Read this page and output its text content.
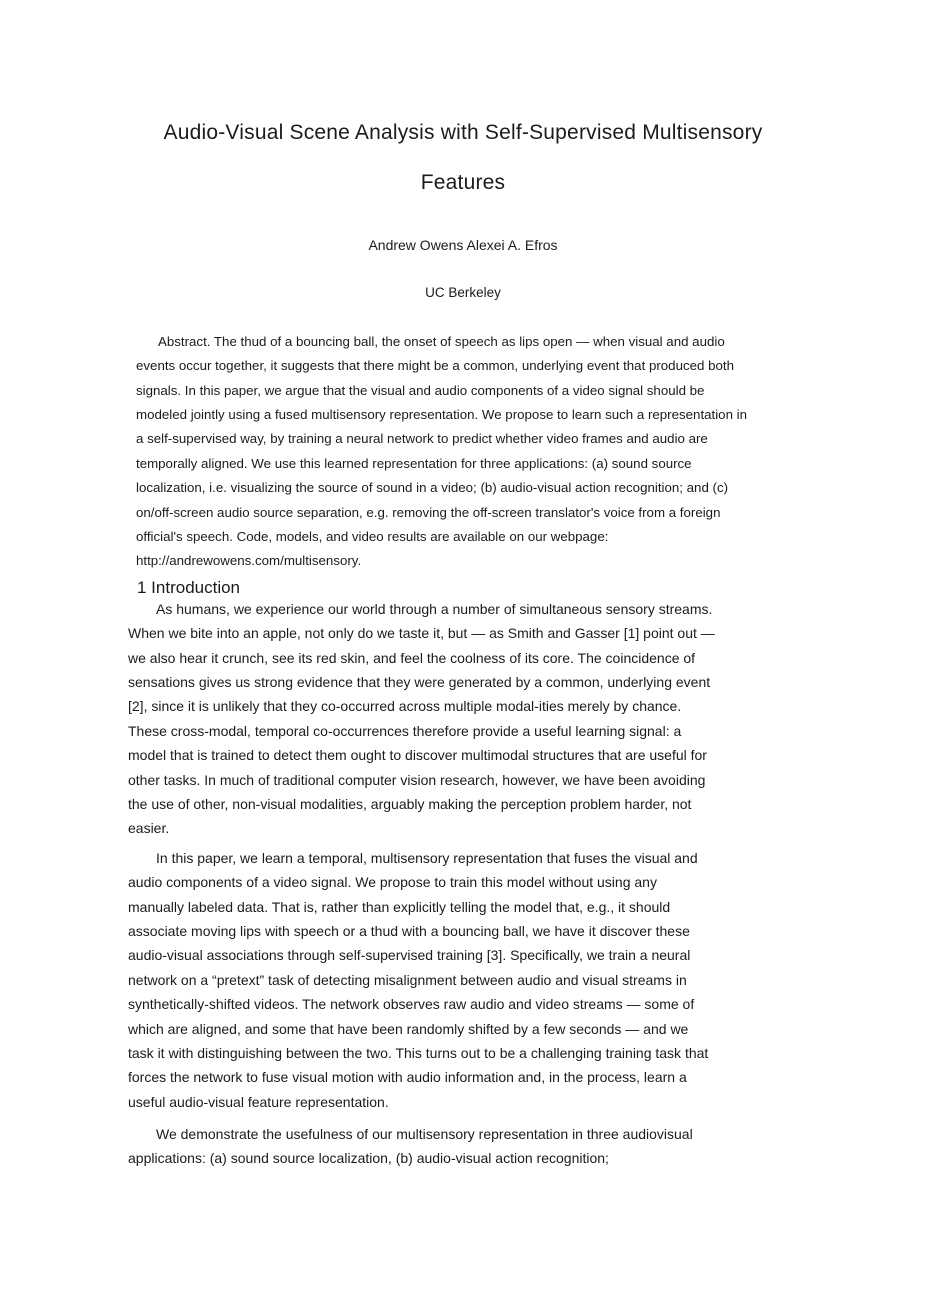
Audio-Visual Scene Analysis with Self-Supervised Multisensory
Features
Andrew Owens Alexei A. Efros
UC Berkeley
Abstract. The thud of a bouncing ball, the onset of speech as lips open — when visual and audio
events occur together, it suggests that there might be a common, underlying event that produced both
signals. In this paper, we argue that the visual and audio components of a video signal should be
modeled jointly using a fused multisensory representation. We propose to learn such a representation in
a self-supervised way, by training a neural network to predict whether video frames and audio are
temporally aligned. We use this learned representation for three applications: (a) sound source
localization, i.e. visualizing the source of sound in a video; (b) audio-visual action recognition; and (c)
on/off-screen audio source separation, e.g. removing the off-screen translator's voice from a foreign
official's speech. Code, models, and video results are available on our webpage:
http://andrewowens.com/multisensory.
1 Introduction
As humans, we experience our world through a number of simultaneous sensory streams.
When we bite into an apple, not only do we taste it, but — as Smith and Gasser [1] point out —
we also hear it crunch, see its red skin, and feel the coolness of its core. The coincidence of
sensations gives us strong evidence that they were generated by a common, underlying event
[2], since it is unlikely that they co-occurred across multiple modal-ities merely by chance.
These cross-modal, temporal co-occurrences therefore provide a useful learning signal: a
model that is trained to detect them ought to discover multimodal structures that are useful for
other tasks. In much of traditional computer vision research, however, we have been avoiding
the use of other, non-visual modalities, arguably making the perception problem harder, not
easier.
In this paper, we learn a temporal, multisensory representation that fuses the visual and
audio components of a video signal. We propose to train this model without using any
manually labeled data. That is, rather than explicitly telling the model that, e.g., it should
associate moving lips with speech or a thud with a bouncing ball, we have it discover these
audio-visual associations through self-supervised training [3]. Specifically, we train a neural
network on a “pretext” task of detecting misalignment between audio and visual streams in
synthetically-shifted videos. The network observes raw audio and video streams — some of
which are aligned, and some that have been randomly shifted by a few seconds — and we
task it with distinguishing between the two. This turns out to be a challenging training task that
forces the network to fuse visual motion with audio information and, in the process, learn a
useful audio-visual feature representation.
We demonstrate the usefulness of our multisensory representation in three audiovisual
applications: (a) sound source localization, (b) audio-visual action recognition;
